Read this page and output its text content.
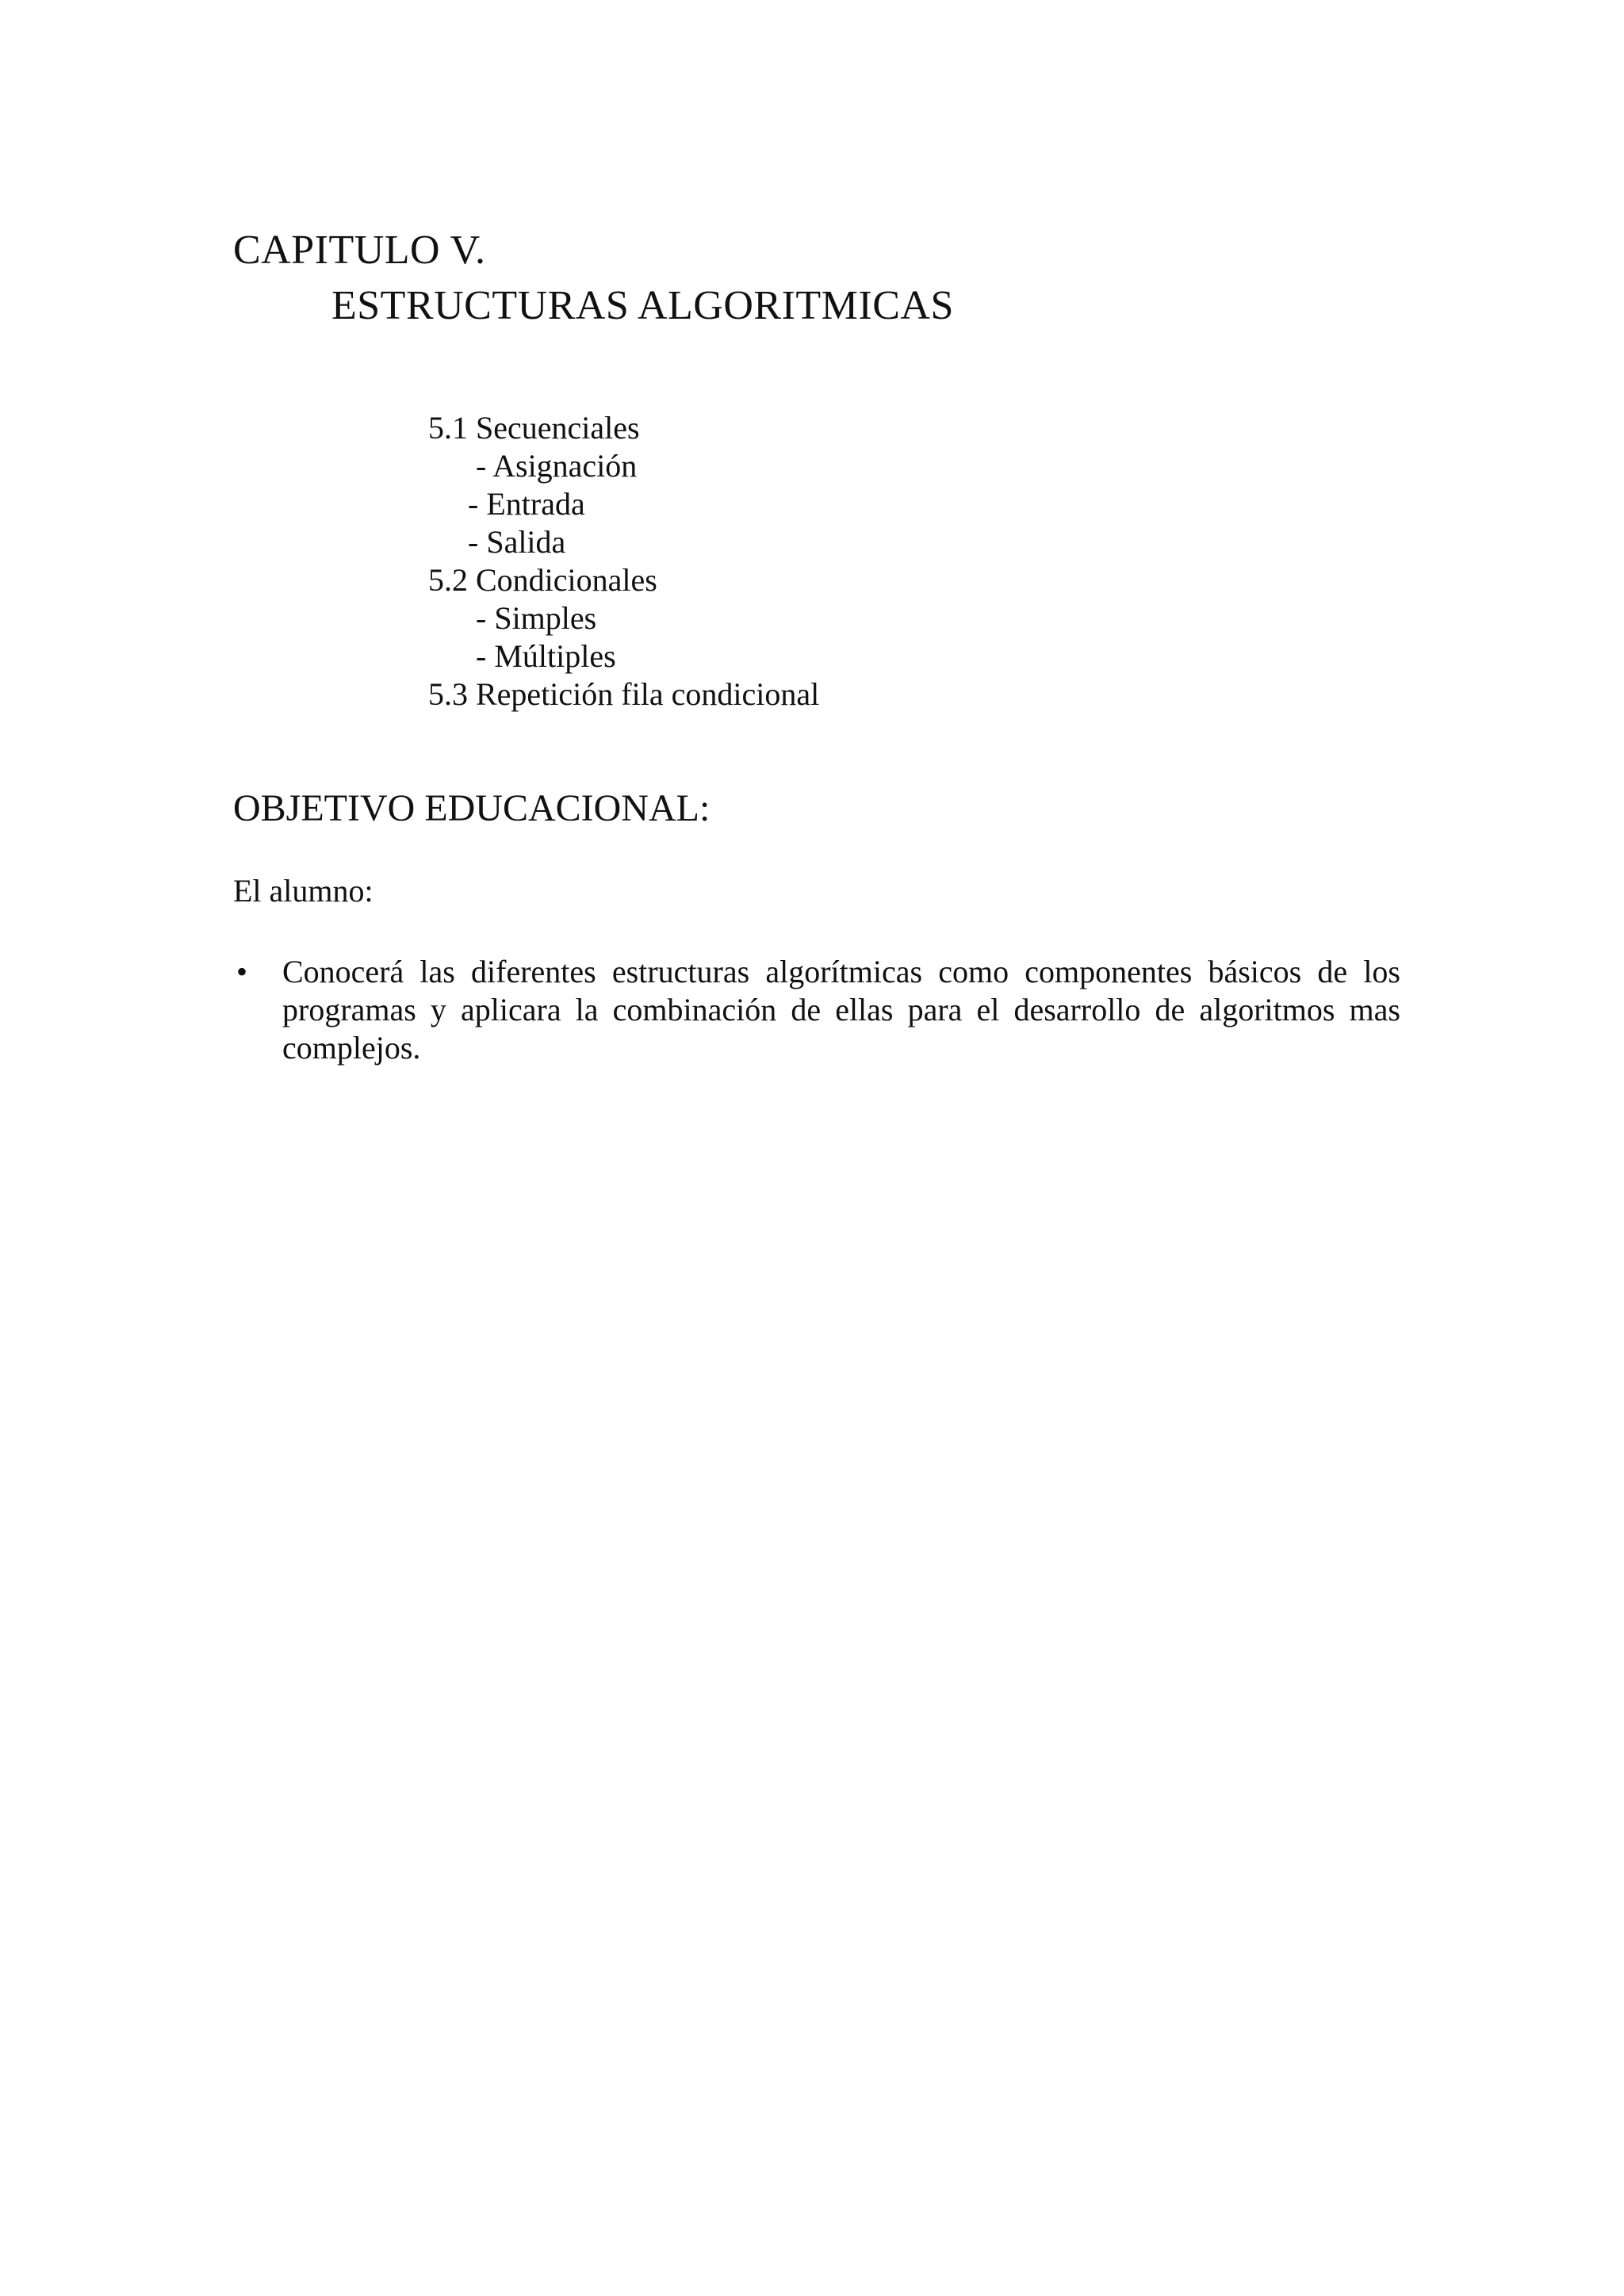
CAPITULO V.
ESTRUCTURAS ALGORITMICAS
5.1 Secuenciales
- Asignación
- Entrada
- Salida
5.2 Condicionales
- Simples
- Múltiples
5.3 Repetición fila condicional
OBJETIVO EDUCACIONAL:
El alumno:
• Conocerá las diferentes estructuras algorítmicas como componentes básicos de los programas y aplicara la combinación de ellas para el desarrollo de algoritmos mas complejos.
